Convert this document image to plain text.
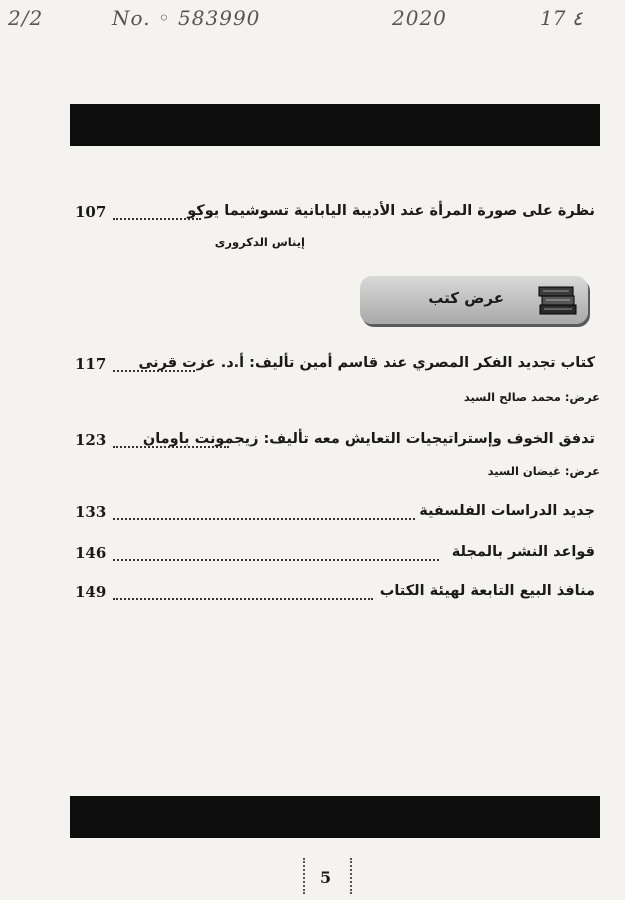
2/2	No. ◦ 583990	2020	17 ٤
107	نظرة على صورة المرأة عند الأديبة اليابانية تسوشيما يوكو
إيناس الدكرورى
عرض كتب
117 كتاب تجديد الفكر المصري عند قاسم أمين تأليف: أ.د. عزت قرنى
عرض: محمد صالح السيد
123	تدفق الخوف وإستراتيجيات التعايش معه تأليف: زيجمونت باومان
عرض: غيضان السيد
133	جديد الدراسات الفلسفية
146	قواعد النشر بالمجلة
149	منافذ البيع التابعة لهيئة الكتاب
5
